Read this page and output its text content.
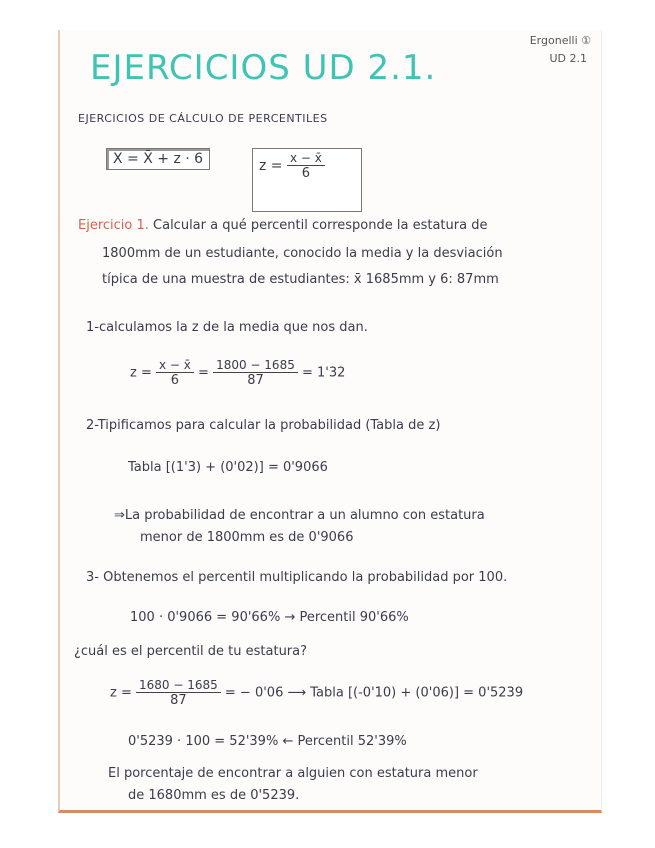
EJERCICIOS UD 2.1.
Ergonelli ①
UD 2.1
EJERCICIOS DE CÁLCULO DE PERCENTILES
X = X̄ + z · 6	$z = \frac{x - x̄}{6}$
Ejercicio 1. Calcular a qué percentil corresponde la estatura de
1800mm de un estudiante, conocido la media y la desviación
típica de una muestra de estudiantes: x̄ 1685mm y 6: 87mm
1-calculamos la z de la media que nos dan.
$z = \frac{x - x̄}{6} = \frac{1800 - 1685}{87} = 1'32$
2-Tipificamos para calcular la probabilidad (Tabla de z)
Tabla [(1'3) + (0'02)] = 0'9066
⇒La probabilidad de encontrar a un alumno con estatura
menor de 1800mm es de 0'9066
3- Obtenemos el percentil multiplicando la probabilidad por 100.
100 · 0'9066 = 90'66% → Percentil 90'66%
¿cuál es el percentil de tu estatura?
$z = \frac{1680 - 1685}{87}$ = − 0'06 ⟶ Tabla [(-0'10) + (0'06)] = 0'5239
0'5239 · 100 = 52'39% ← Percentil 52'39%
El porcentaje de encontrar a alguien con estatura menor
de 1680mm es de 0'5239.
